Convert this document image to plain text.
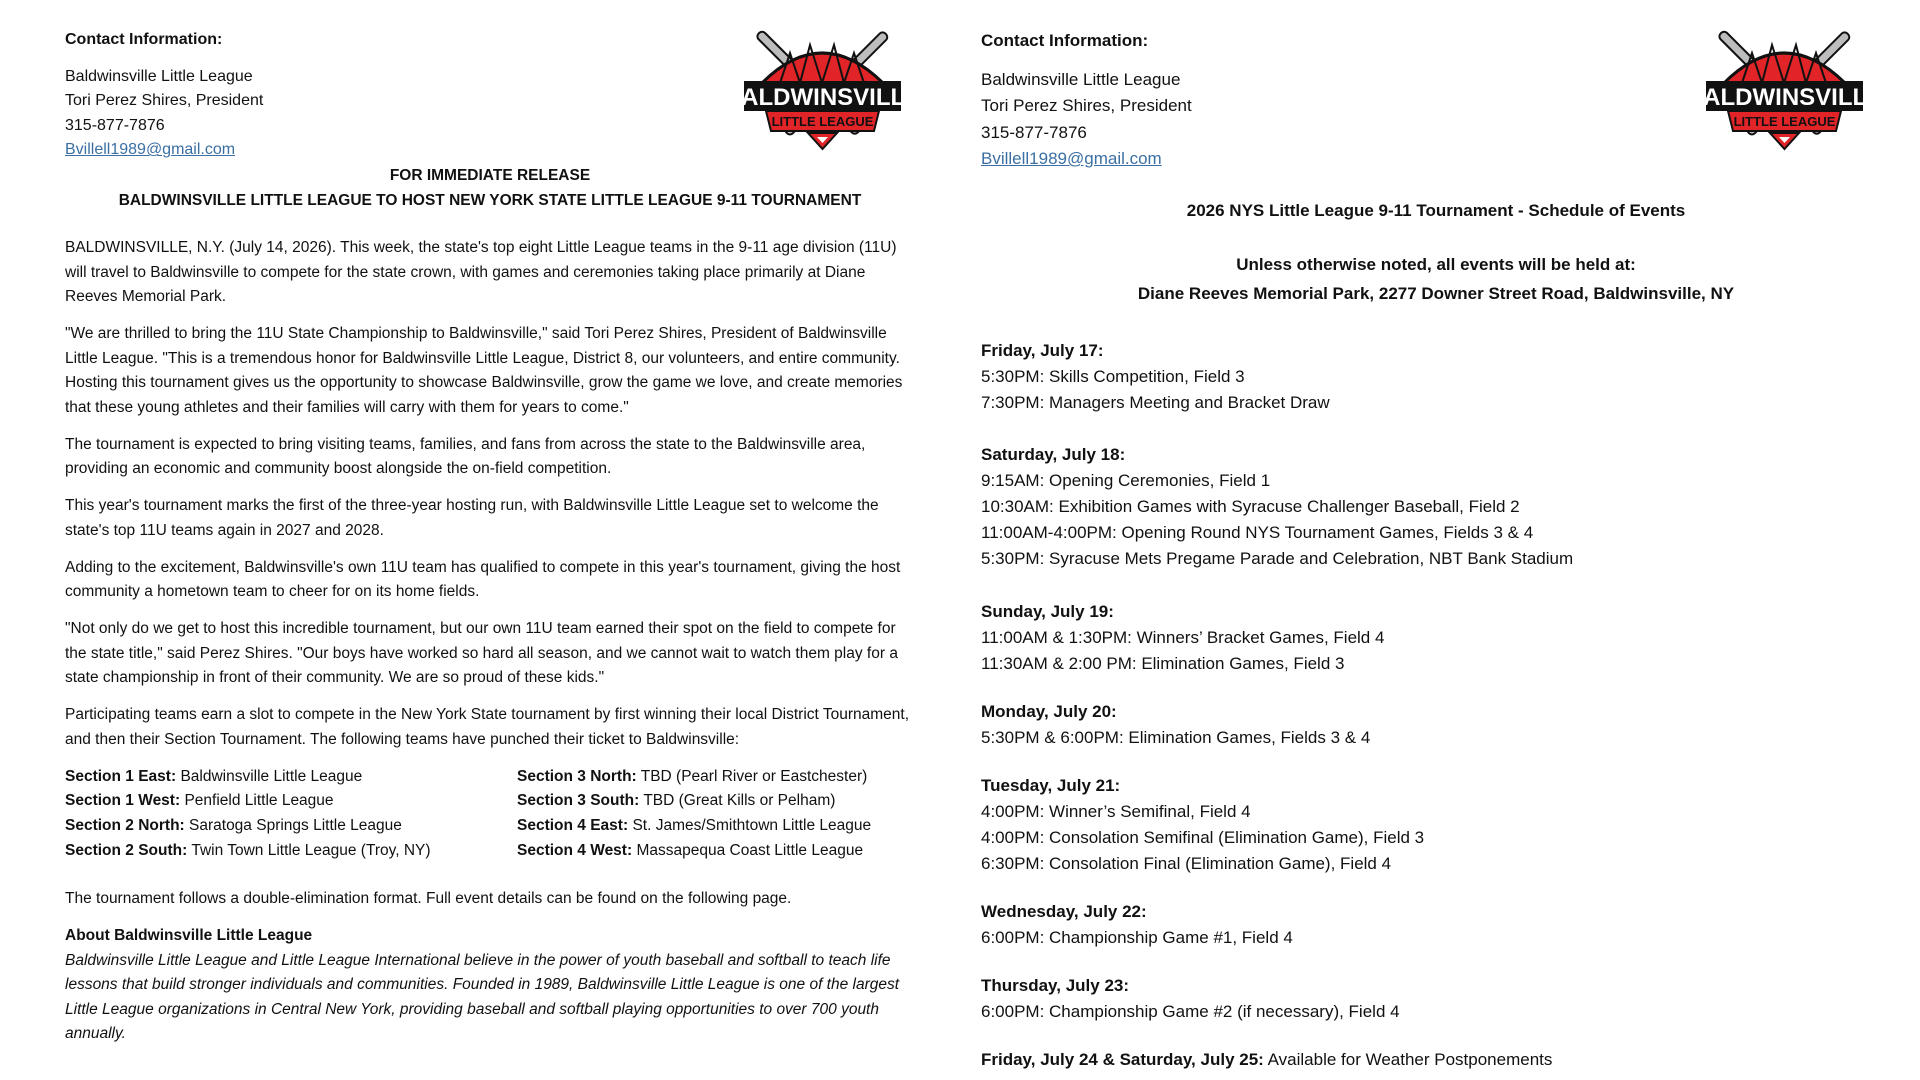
Contact Information:
Baldwinsville Little League
Tori Perez Shires, President
315-877-7876
Bvillell1989@gmail.com
BALDWINSVILLE
LITTLE LEAGUE
FOR IMMEDIATE RELEASE
BALDWINSVILLE LITTLE LEAGUE TO HOST NEW YORK STATE LITTLE LEAGUE 9-11 TOURNAMENT

BALDWINSVILLE, N.Y. (July 14, 2026). This week, the state's top eight Little League teams in the 9-11 age division (11U) will travel to Baldwinsville to compete for the state crown, with games and ceremonies taking place primarily at Diane Reeves Memorial Park.

"We are thrilled to bring the 11U State Championship to Baldwinsville," said Tori Perez Shires, President of Baldwinsville Little League. "This is a tremendous honor for Baldwinsville Little League, District 8, our volunteers, and entire community. Hosting this tournament gives us the opportunity to showcase Baldwinsville, grow the game we love, and create memories that these young athletes and their families will carry with them for years to come."

The tournament is expected to bring visiting teams, families, and fans from across the state to the Baldwinsville area, providing an economic and community boost alongside the on-field competition.

This year's tournament marks the first of the three-year hosting run, with Baldwinsville Little League set to welcome the state's top 11U teams again in 2027 and 2028.

Adding to the excitement, Baldwinsville's own 11U team has qualified to compete in this year's tournament, giving the host community a hometown team to cheer for on its home fields.

"Not only do we get to host this incredible tournament, but our own 11U team earned their spot on the field to compete for the state title," said Perez Shires. "Our boys have worked so hard all season, and we cannot wait to watch them play for a state championship in front of their community. We are so proud of these kids."

Participating teams earn a slot to compete in the New York State tournament by first winning their local District Tournament, and then their Section Tournament. The following teams have punched their ticket to Baldwinsville:

Section 1 East: Baldwinsville Little League	Section 3 North: TBD (Pearl River or Eastchester)
Section 1 West: Penfield Little League	Section 3 South: TBD (Great Kills or Pelham)
Section 2 North: Saratoga Springs Little League	Section 4 East: St. James/Smithtown Little League
Section 2 South: Twin Town Little League (Troy, NY)	Section 4 West: Massapequa Coast Little League

The tournament follows a double-elimination format. Full event details can be found on the following page.

About Baldwinsville Little League
Baldwinsville Little League and Little League International believe in the power of youth baseball and softball to teach life lessons that build stronger individuals and communities. Founded in 1989, Baldwinsville Little League is one of the largest Little League organizations in Central New York, providing baseball and softball playing opportunities to over 700 youth annually.
Contact Information:
Baldwinsville Little League
Tori Perez Shires, President
315-877-7876
Bvillell1989@gmail.com
BALDWINSVILLE
LITTLE LEAGUE
2026 NYS Little League 9-11 Tournament - Schedule of Events
Unless otherwise noted, all events will be held at:
Diane Reeves Memorial Park, 2277 Downer Street Road, Baldwinsville, NY
Friday, July 17:
5:30PM: Skills Competition, Field 3
7:30PM: Managers Meeting and Bracket Draw
Saturday, July 18:
9:15AM: Opening Ceremonies, Field 1
10:30AM: Exhibition Games with Syracuse Challenger Baseball, Field 2
11:00AM-4:00PM: Opening Round NYS Tournament Games, Fields 3 & 4
5:30PM: Syracuse Mets Pregame Parade and Celebration, NBT Bank Stadium
Sunday, July 19:
11:00AM & 1:30PM: Winners’ Bracket Games, Field 4
11:30AM & 2:00 PM: Elimination Games, Field 3
Monday, July 20:
5:30PM & 6:00PM: Elimination Games, Fields 3 & 4
Tuesday, July 21:
4:00PM: Winner’s Semifinal, Field 4
4:00PM: Consolation Semifinal (Elimination Game), Field 3
6:30PM: Consolation Final (Elimination Game), Field 4
Wednesday, July 22:
6:00PM: Championship Game #1, Field 4
Thursday, July 23:
6:00PM: Championship Game #2 (if necessary), Field 4
Friday, July 24 & Saturday, July 25: Available for Weather Postponements
